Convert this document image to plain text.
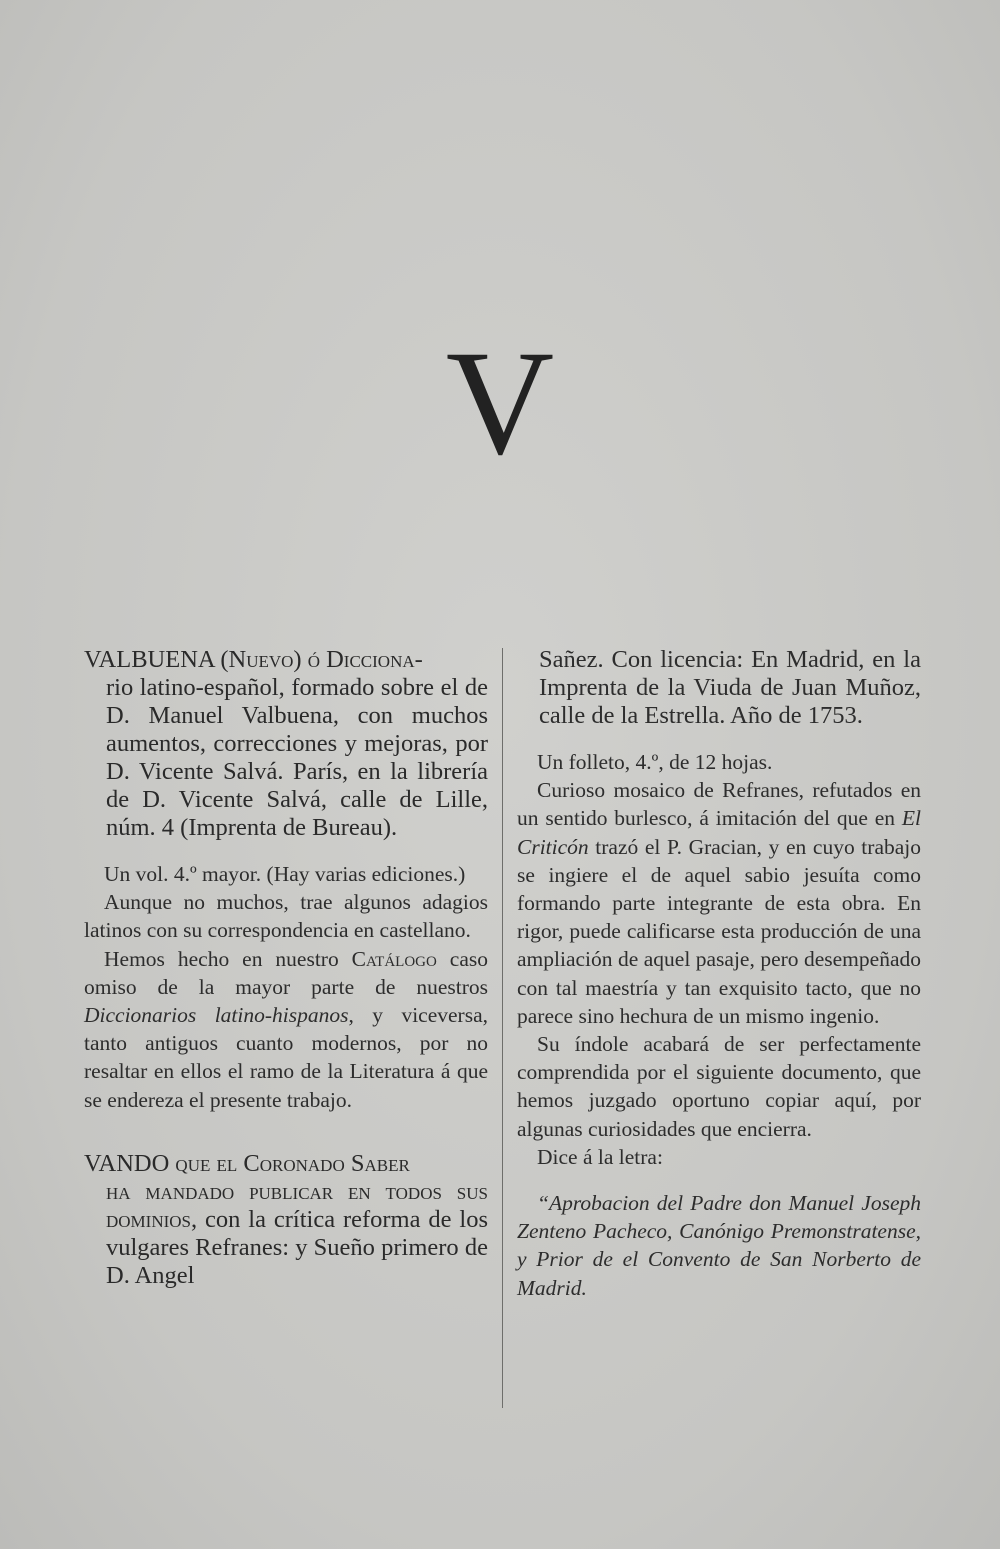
V

VALBUENA (Nuevo) ó Dicciona-
rio latino-español, formado sobre el de D. Manuel Valbuena, con muchos aumentos, correcciones y mejoras, por D. Vicente Salvá. París, en la librería de D. Vicente Salvá, calle de Lille, núm. 4 (Imprenta de Bureau).

Un vol. 4.º mayor. (Hay varias ediciones.)

Aunque no muchos, trae algunos adagios latinos con su correspondencia en castellano.

Hemos hecho en nuestro Catálogo caso omiso de la mayor parte de nuestros Diccionarios latino-hispanos, y viceversa, tanto antiguos cuanto modernos, por no resaltar en ellos el ramo de la Literatura á que se endereza el presente trabajo.

VANDO que el Coronado Saber
ha mandado publicar en todos sus dominios, con la crítica reforma de los vulgares Refranes: y Sueño primero de D. Angel

Sañez. Con licencia: En Madrid, en la Imprenta de la Viuda de Juan Muñoz, calle de la Estrella. Año de 1753.

Un folleto, 4.º, de 12 hojas.

Curioso mosaico de Refranes, refutados en un sentido burlesco, á imitación del que en El Criticón trazó el P. Gracian, y en cuyo trabajo se ingiere el de aquel sabio jesuíta como formando parte integrante de esta obra. En rigor, puede calificarse esta producción de una ampliación de aquel pasaje, pero desempeñado con tal maestría y tan exquisito tacto, que no parece sino hechura de un mismo ingenio.

Su índole acabará de ser perfectamente comprendida por el siguiente documento, que hemos juzgado oportuno copiar aquí, por algunas curiosidades que encierra.

Dice á la letra:

“Aprobacion del Padre don Manuel Joseph Zenteno Pacheco, Canónigo Premonstratense, y Prior de el Convento de San Norberto de Madrid.
